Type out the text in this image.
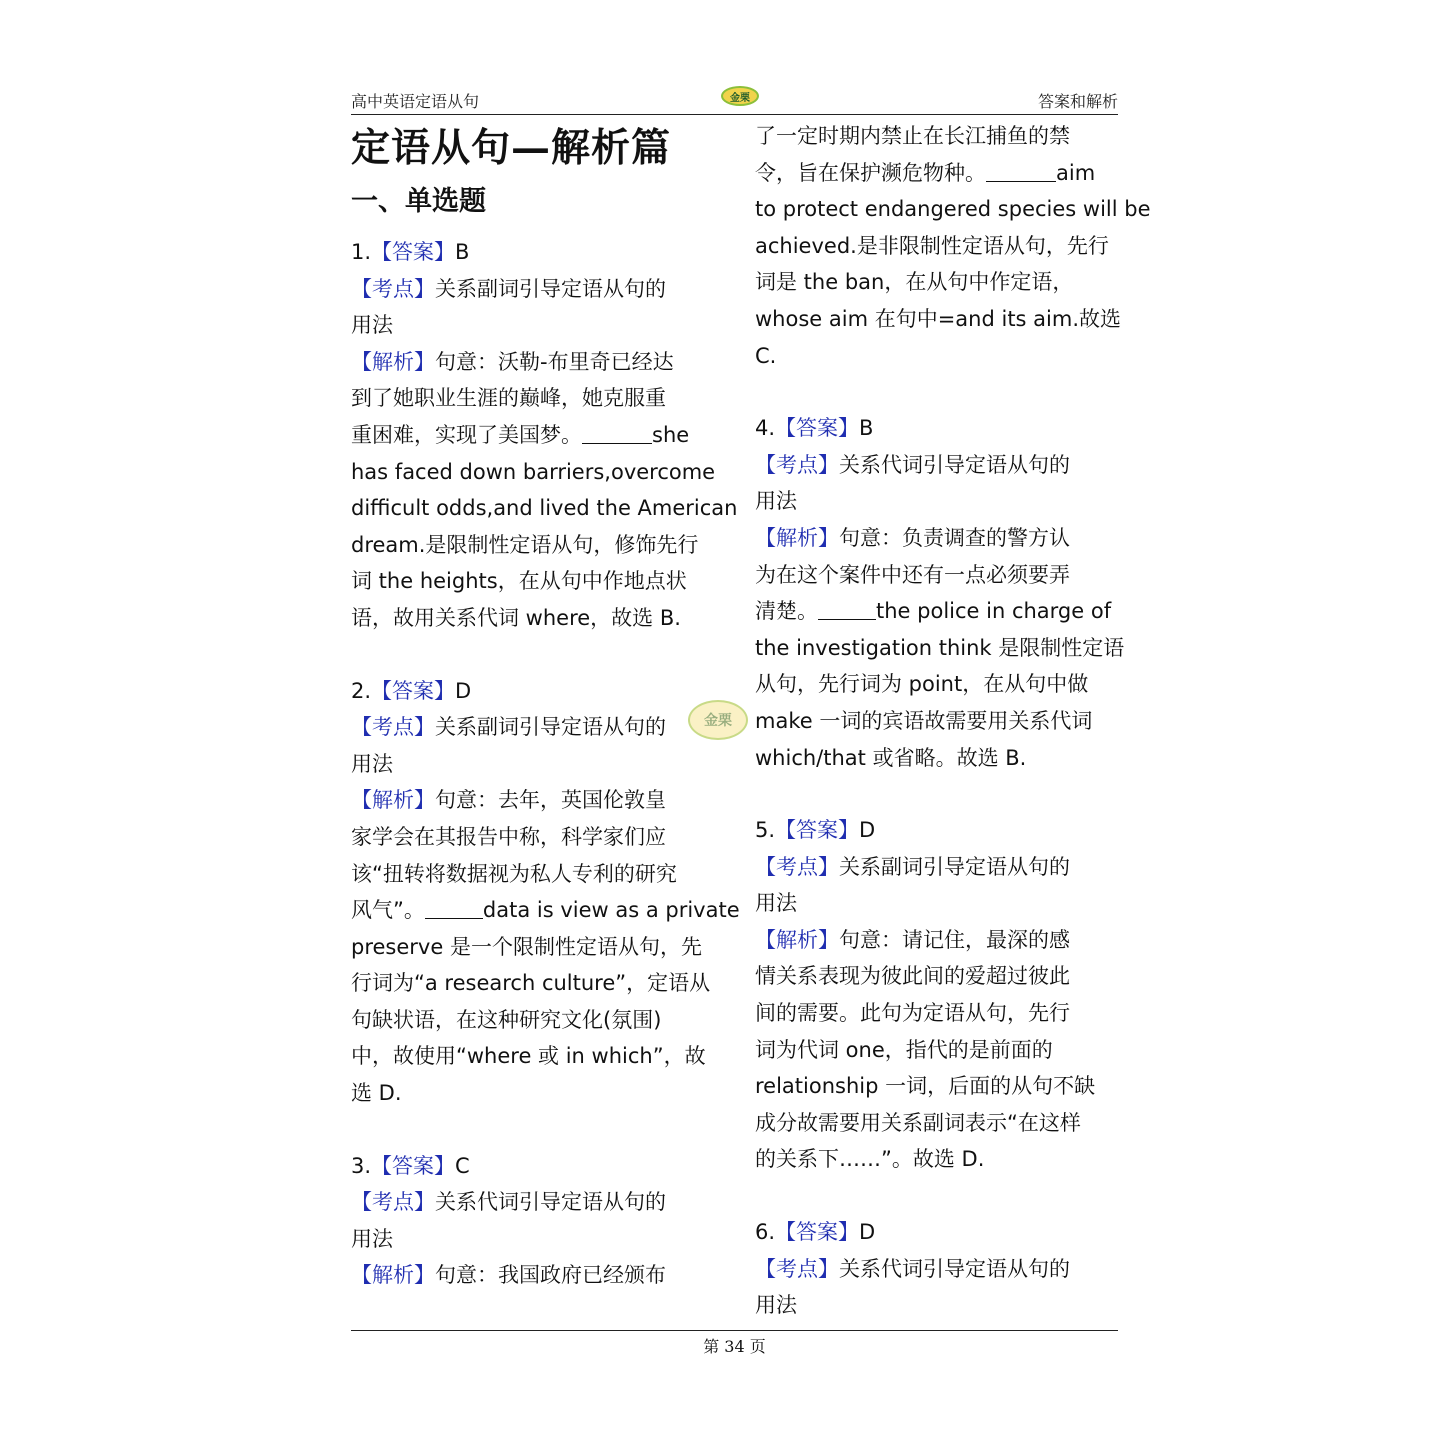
高中英语定语从句	金栗	答案和解析
定语从句—解析篇
一、单选题
1.【答案】B
【考点】关系副词引导定语从句的
用法
【解析】句意：沃勒-布里奇已经达
到了她职业生涯的巅峰，她克服重
重困难，实现了美国梦。	she
has faced down barriers,overcome
difficult odds,and lived the American
dream.是限制性定语从句，修饰先行
词 the heights，在从句中作地点状
语，故用关系代词 where，故选 B.
2.【答案】D
【考点】关系副词引导定语从句的
用法
【解析】句意：去年，英国伦敦皇
家学会在其报告中称，科学家们应
该“扭转将数据视为私人专利的研究
风气”。	data is view as a private
preserve 是一个限制性定语从句，先
行词为“a research culture”，定语从
句缺状语，在这种研究文化(氛围)
中，故使用“where 或 in which”，故
选 D.
3.【答案】C
【考点】关系代词引导定语从句的
用法
【解析】句意：我国政府已经颁布
了一定时期内禁止在长江捕鱼的禁
令，旨在保护濒危物种。	aim
to protect endangered species will be
achieved.是非限制性定语从句，先行
词是 the ban，在从句中作定语，
whose aim 在句中=and its aim.故选
C.
4.【答案】B
【考点】关系代词引导定语从句的
用法
【解析】句意：负责调查的警方认
为在这个案件中还有一点必须要弄
清楚。	the police in charge of
the investigation think 是限制性定语
从句，先行词为 point，在从句中做
make 一词的宾语故需要用关系代词
which/that 或省略。故选 B.
5.【答案】D
【考点】关系副词引导定语从句的
用法
【解析】句意：请记住，最深的感
情关系表现为彼此间的爱超过彼此
间的需要。此句为定语从句，先行
词为代词 one，指代的是前面的
relationship 一词，后面的从句不缺
成分故需要用关系副词表示“在这样
的关系下……”。故选 D.
6.【答案】D
【考点】关系代词引导定语从句的
用法
金栗
第 34 页
